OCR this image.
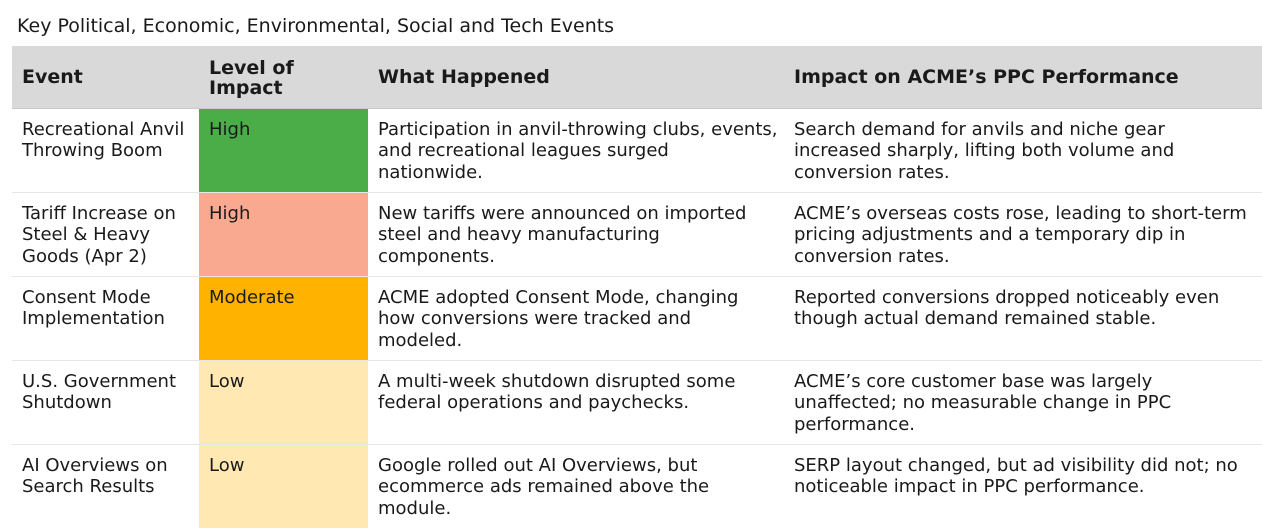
Key Political, Economic, Environmental, Social and Tech Events
Event	Level of Impact	What Happened	Impact on ACME’s PPC Performance
Recreational Anvil Throwing Boom	High	Participation in anvil-throwing clubs, events, and recreational leagues surged nationwide.	Search demand for anvils and niche gear increased sharply, lifting both volume and conversion rates.
Tariff Increase on Steel & Heavy Goods (Apr 2)	High	New tariffs were announced on imported steel and heavy manufacturing components.	ACME’s overseas costs rose, leading to short-term pricing adjustments and a temporary dip in conversion rates.
Consent Mode Implementation	Moderate	ACME adopted Consent Mode, changing how conversions were tracked and modeled.	Reported conversions dropped noticeably even though actual demand remained stable.
U.S. Government Shutdown	Low	A multi-week shutdown disrupted some federal operations and paychecks.	ACME’s core customer base was largely unaffected; no measurable change in PPC performance.
AI Overviews on Search Results	Low	Google rolled out AI Overviews, but ecommerce ads remained above the module.	SERP layout changed, but ad visibility did not; no noticeable impact in PPC performance.
